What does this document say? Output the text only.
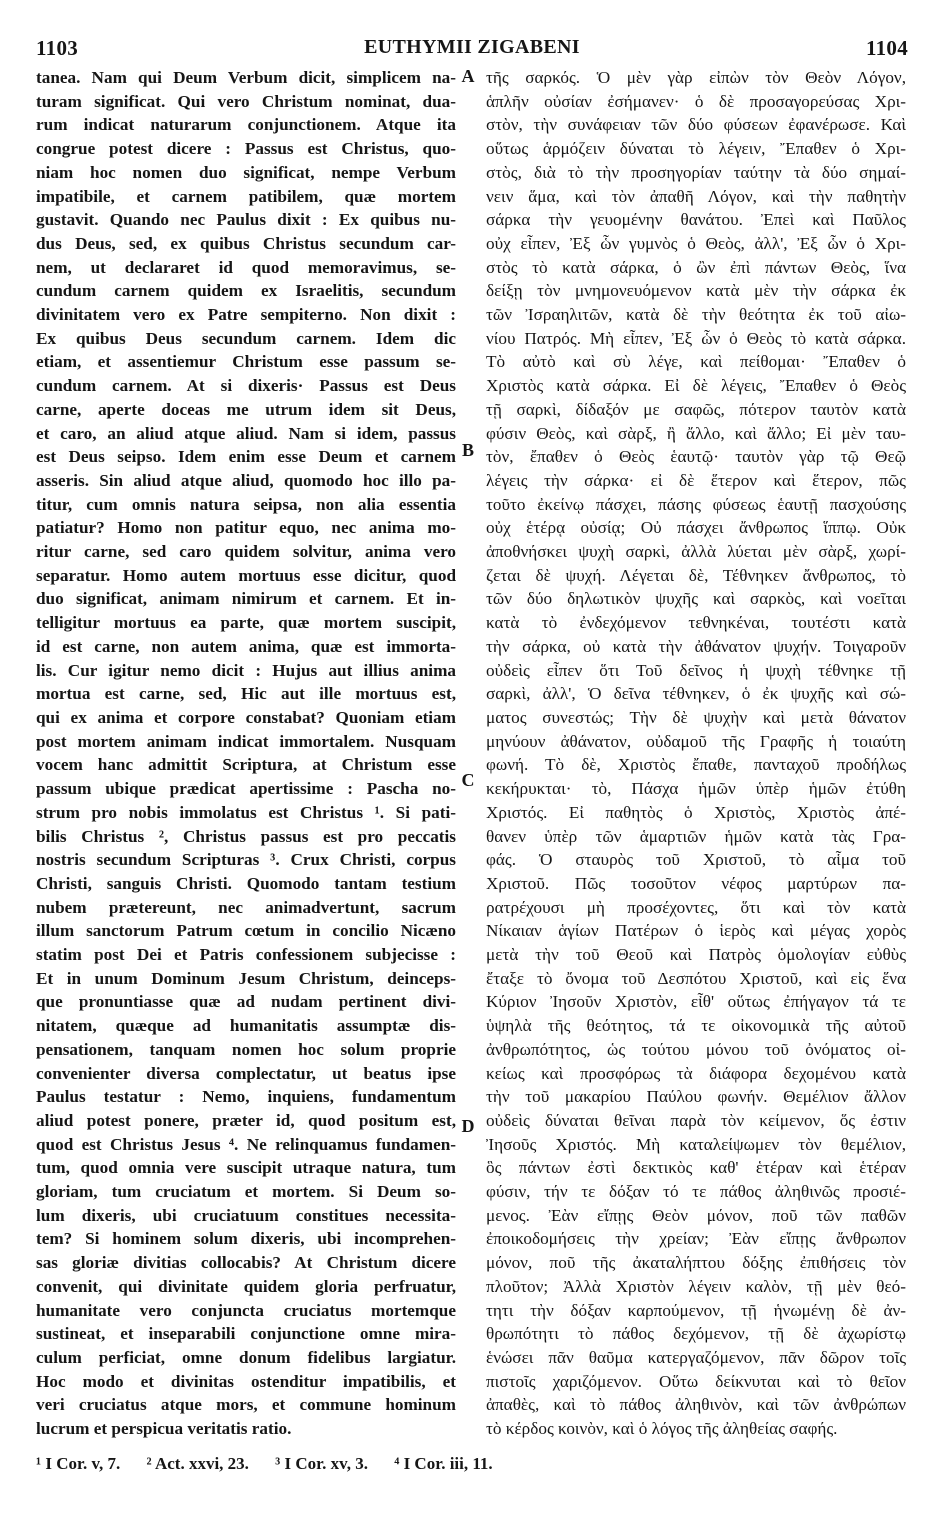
1103	EUTHYMII ZIGABENI	1104
tanea. Nam qui Deum Verbum dicit, simplicem na-
turam significat. Qui vero Christum nominat, dua-
rum indicat naturarum conjunctionem. Atque ita
congrue potest dicere : Passus est Christus, quo-
niam hoc nomen duo significat, nempe Verbum
impatibile, et carnem patibilem, quæ mortem
gustavit. Quando nec Paulus dixit : Ex quibus nu-
dus Deus, sed, ex quibus Christus secundum car-
nem, ut declararet id quod memoravimus, se-
cundum carnem quidem ex Israelitis, secundum
divinitatem vero ex Patre sempiterno. Non dixit :
Ex quibus Deus secundum carnem. Idem dic
etiam, et assentiemur Christum esse passum se-
cundum carnem. At si dixeris· Passus est Deus
carne, aperte doceas me utrum idem sit Deus,
et caro, an aliud atque aliud. Nam si idem, passus
est Deus seipso. Idem enim esse Deum et carnem
asseris. Sin aliud atque aliud, quomodo hoc illo pa-
titur, cum omnis natura seipsa, non alia essentia
patiatur? Homo non patitur equo, nec anima mo-
ritur carne, sed caro quidem solvitur, anima vero
separatur. Homo autem mortuus esse dicitur, quod
duo significat, animam nimirum et carnem. Et in-
telligitur mortuus ea parte, quæ mortem suscipit,
id est carne, non autem anima, quæ est immorta-
lis. Cur igitur nemo dicit : Hujus aut illius anima
mortua est carne, sed, Hic aut ille mortuus est,
qui ex anima et corpore constabat? Quoniam etiam
post mortem animam indicat immortalem. Nusquam
vocem hanc admittit Scriptura, at Christum esse
passum ubique prædicat apertissime : Pascha no-
strum pro nobis immolatus est Christus ¹. Si pati-
bilis Christus ², Christus passus est pro peccatis
nostris secundum Scripturas ³. Crux Christi, corpus
Christi, sanguis Christi. Quomodo tantam testium
nubem prætereunt, nec animadvertunt, sacrum
illum sanctorum Patrum cœtum in concilio Nicæno
statim post Dei et Patris confessionem subjecisse :
Et in unum Dominum Jesum Christum, deinceps-
que pronuntiasse quæ ad nudam pertinent divi-
nitatem, quæque ad humanitatis assumptæ dis-
pensationem, tanquam nomen hoc solum proprie
convenienter diversa complectatur, ut beatus ipse
Paulus testatur : Nemo, inquiens, fundamentum
aliud potest ponere, præter id, quod positum est,
quod est Christus Jesus ⁴. Ne relinquamus fundamen-
tum, quod omnia vere suscipit utraque natura, tum
gloriam, tum cruciatum et mortem. Si Deum so-
lum dixeris, ubi cruciatuum constitues necessita-
tem? Si hominem solum dixeris, ubi incomprehen-
sas gloriæ divitias collocabis? At Christum dicere
convenit, qui divinitate quidem gloria perfruatur,
humanitate vero conjuncta cruciatus mortemque
sustineat, et inseparabili conjunctione omne mira-
culum perficiat, omne donum fidelibus largiatur.
Hoc modo et divinitas ostenditur impatibilis, et
veri cruciatus atque mors, et commune hominum
lucrum et perspicua veritatis ratio.
τῆς σαρκός. Ὁ μὲν γὰρ εἰπὼν τὸν Θεὸν Λόγον,
ἁπλῆν οὐσίαν ἐσήμανεν· ὁ δὲ προσαγορεύσας Χρι-
στὸν, τὴν συνάφειαν τῶν δύο φύσεων ἐφανέρωσε. Καὶ
οὕτως ἁρμόζειν δύναται τὸ λέγειν, Ἔπαθεν ὁ Χρι-
στὸς, διὰ τὸ τὴν προσηγορίαν ταύτην τὰ δύο σημαί-
νειν ἅμα, καὶ τὸν ἀπαθῆ Λόγον, καὶ τὴν παθητὴν
σάρκα τὴν γευομένην θανάτου. Ἐπεὶ καὶ Παῦλος
οὐχ εἶπεν, Ἐξ ὧν γυμνὸς ὁ Θεὸς, ἀλλ', Ἐξ ὧν ὁ Χρι-
στὸς τὸ κατὰ σάρκα, ὁ ὢν ἐπὶ πάντων Θεὸς, ἵνα
δείξῃ τὸν μνημονευόμενον κατὰ μὲν τὴν σάρκα ἐκ
τῶν Ἰσραηλιτῶν, κατὰ δὲ τὴν θεότητα ἐκ τοῦ αἰω-
νίου Πατρός. Μὴ εἶπεν, Ἐξ ὧν ὁ Θεὸς τὸ κατὰ σάρκα.
Τὸ αὐτὸ καὶ σὺ λέγε, καὶ πείθομαι· Ἔπαθεν ὁ
Χριστὸς κατὰ σάρκα. Εἰ δὲ λέγεις, Ἔπαθεν ὁ Θεὸς
τῇ σαρκὶ, δίδαξόν με σαφῶς, πότερον ταυτὸν κατὰ
φύσιν Θεὸς, καὶ σὰρξ, ἢ ἄλλο, καὶ ἄλλο; Εἰ μὲν ταυ-
τὸν, ἔπαθεν ὁ Θεὸς ἑαυτῷ· ταυτὸν γὰρ τῷ Θεῷ
λέγεις τὴν σάρκα· εἰ δὲ ἕτερον καὶ ἕτερον, πῶς
τοῦτο ἐκείνῳ πάσχει, πάσης φύσεως ἑαυτῇ πασχούσης
οὐχ ἑτέρᾳ οὐσίᾳ; Οὐ πάσχει ἄνθρωπος ἵππῳ. Οὐκ
ἀποθνήσκει ψυχὴ σαρκὶ, ἀλλὰ λύεται μὲν σὰρξ, χωρί-
ζεται δὲ ψυχή. Λέγεται δὲ, Τέθνηκεν ἄνθρωπος, τὸ
τῶν δύο δηλωτικὸν ψυχῆς καὶ σαρκὸς, καὶ νοεῖται
κατὰ τὸ ἐνδεχόμενον τεθνηκέναι, τουτέστι κατὰ
τὴν σάρκα, οὐ κατὰ τὴν ἀθάνατον ψυχήν. Τοιγαροῦν
οὐδεὶς εἶπεν ὅτι Τοῦ δεῖνος ἡ ψυχὴ τέθνηκε τῇ
σαρκὶ, ἀλλ', Ὁ δεῖνα τέθνηκεν, ὁ ἐκ ψυχῆς καὶ σώ-
ματος συνεστώς; Τὴν δὲ ψυχὴν καὶ μετὰ θάνατον
μηνύουν ἀθάνατον, οὐδαμοῦ τῆς Γραφῆς ἡ τοιαύτη
φωνή. Τὸ δὲ, Χριστὸς ἔπαθε, πανταχοῦ προδήλως
κεκήρυκται· τὸ, Πάσχα ἡμῶν ὑπὲρ ἡμῶν ἐτύθη
Χριστός. Εἰ παθητὸς ὁ Χριστὸς, Χριστὸς ἀπέ-
θανεν ὑπὲρ τῶν ἁμαρτιῶν ἡμῶν κατὰ τὰς Γρα-
φάς. Ὁ σταυρὸς τοῦ Χριστοῦ, τὸ αἷμα τοῦ
Χριστοῦ. Πῶς τοσοῦτον νέφος μαρτύρων πα-
ρατρέχουσι μὴ προσέχοντες, ὅτι καὶ τὸν κατὰ
Νίκαιαν ἁγίων Πατέρων ὁ ἱερὸς καὶ μέγας χορὸς
μετὰ τὴν τοῦ Θεοῦ καὶ Πατρὸς ὁμολογίαν εὐθὺς
ἔταξε τὸ ὄνομα τοῦ Δεσπότου Χριστοῦ, καὶ εἰς ἕνα
Κύριον Ἰησοῦν Χριστὸν, εἶθ' οὕτως ἐπήγαγον τά τε
ὑψηλὰ τῆς θεότητος, τά τε οἰκονομικὰ τῆς αὐτοῦ
ἀνθρωπότητος, ὡς τούτου μόνου τοῦ ὀνόματος οἰ-
κείως καὶ προσφόρως τὰ διάφορα δεχομένου κατὰ
τὴν τοῦ μακαρίου Παύλου φωνήν. Θεμέλιον ἄλλον
οὐδεὶς δύναται θεῖναι παρὰ τὸν κείμενον, ὅς ἐστιν
Ἰησοῦς Χριστός. Μὴ καταλείψωμεν τὸν θεμέλιον,
ὃς πάντων ἐστὶ δεκτικὸς καθ' ἑτέραν καὶ ἑτέραν
φύσιν, τήν τε δόξαν τό τε πάθος ἀληθινῶς προσιέ-
μενος. Ἐὰν εἴπῃς Θεὸν μόνον, ποῦ τῶν παθῶν
ἐποικοδομήσεις τὴν χρείαν; Ἐὰν εἴπῃς ἄνθρωπον
μόνον, ποῦ τῆς ἀκαταλήπτου δόξης ἐπιθήσεις τὸν
πλοῦτον; Ἀλλὰ Χριστὸν λέγειν καλὸν, τῇ μὲν θεό-
τητι τὴν δόξαν καρπούμενον, τῇ ἡνωμένῃ δὲ ἀν-
θρωπότητι τὸ πάθος δεχόμενον, τῇ δὲ ἀχωρίστῳ
ἑνώσει πᾶν θαῦμα κατεργαζόμενον, πᾶν δῶρον τοῖς
πιστοῖς χαριζόμενον. Οὕτω δείκνυται καὶ τὸ θεῖον
ἀπαθὲς, καὶ τὸ πάθος ἀληθινὸν, καὶ τῶν ἀνθρώπων
τὸ κέρδος κοινὸν, καὶ ὁ λόγος τῆς ἀληθείας σαφής.
A
B
C
D
¹ I Cor. v, 7. ² Act. xxvi, 23. ³ I Cor. xv, 3. ⁴ I Cor. iii, 11.
